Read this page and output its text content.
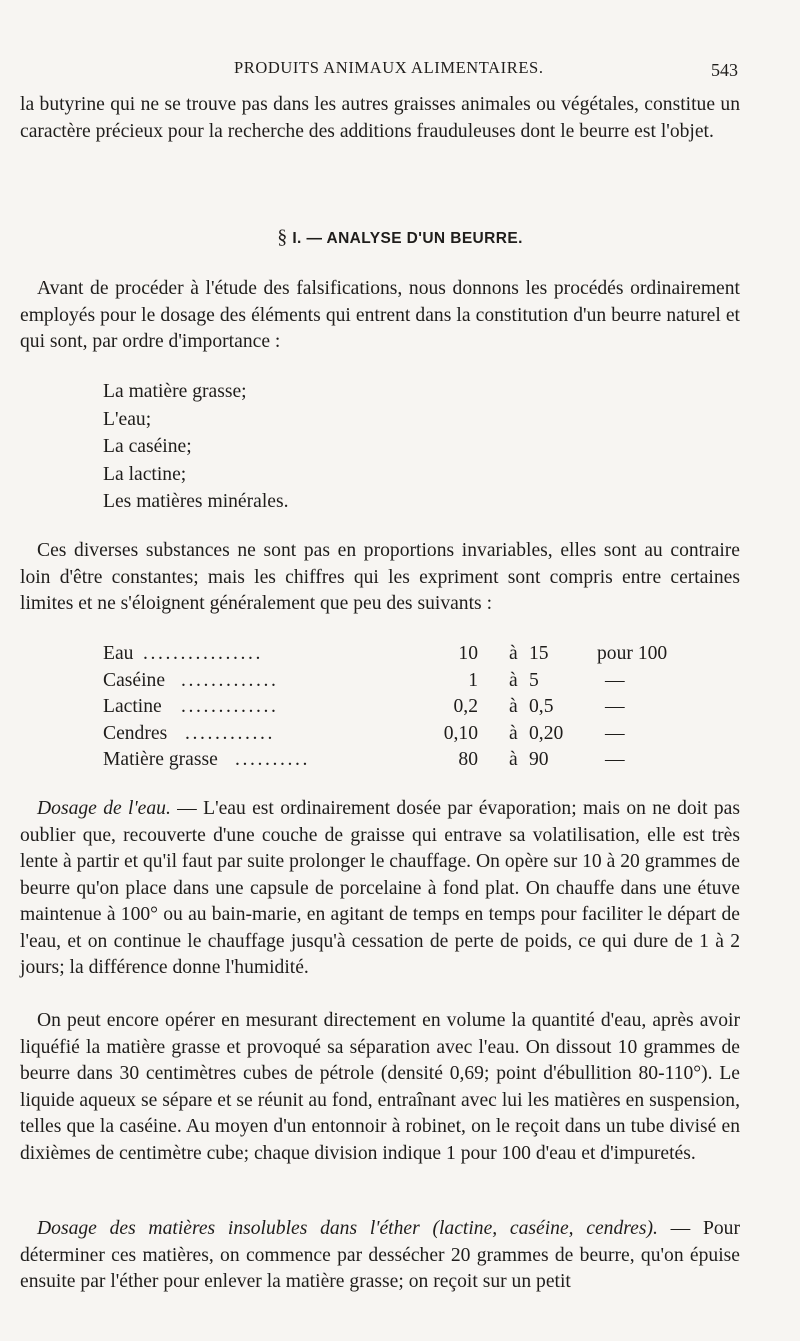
PRODUITS ANIMAUX ALIMENTAIRES.	543

la butyrine qui ne se trouve pas dans les autres graisses animales ou végétales, constitue un caractère précieux pour la recherche des additions frauduleuses dont le beurre est l'objet.

§ I. — ANALYSE D'UN BEURRE.

Avant de procéder à l'étude des falsifications, nous donnons les procédés ordinairement employés pour le dosage des éléments qui entrent dans la constitution d'un beurre naturel et qui sont, par ordre d'importance :

La matière grasse;
L'eau;
La caséine;
La lactine;
Les matières minérales.

Ces diverses substances ne sont pas en proportions invariables, elles sont au contraire loin d'être constantes; mais les chiffres qui les expriment sont compris entre certaines limites et ne s'éloignent généralement que peu des suivants :

Eau ................	10 à 15 pour 100
Caséine .............	1 à 5	—
Lactine .............	0,2 à 0,5	—
Cendres ............	0,10 à 0,20 —
Matière grasse ..........	80 à 90	—

Dosage de l'eau. — L'eau est ordinairement dosée par évaporation; mais on ne doit pas oublier que, recouverte d'une couche de graisse qui entrave sa volatilisation, elle est très lente à partir et qu'il faut par suite prolonger le chauffage. On opère sur 10 à 20 grammes de beurre qu'on place dans une capsule de porcelaine à fond plat. On chauffe dans une étuve maintenue à 100° ou au bain-marie, en agitant de temps en temps pour faciliter le départ de l'eau, et on continue le chauffage jusqu'à cessation de perte de poids, ce qui dure de 1 à 2 jours; la différence donne l'humidité.

On peut encore opérer en mesurant directement en volume la quantité d'eau, après avoir liquéfié la matière grasse et provoqué sa séparation avec l'eau. On dissout 10 grammes de beurre dans 30 centimètres cubes de pétrole (densité 0,69; point d'ébullition 80-110°). Le liquide aqueux se sépare et se réunit au fond, entraînant avec lui les matières en suspension, telles que la caséine. Au moyen d'un entonnoir à robinet, on le reçoit dans un tube divisé en dixièmes de centimètre cube; chaque division indique 1 pour 100 d'eau et d'impuretés.

Dosage des matières insolubles dans l'éther (lactine, caséine, cendres). — Pour déterminer ces matières, on commence par dessécher 20 grammes de beurre, qu'on épuise ensuite par l'éther pour enlever la matière grasse; on reçoit sur un petit
